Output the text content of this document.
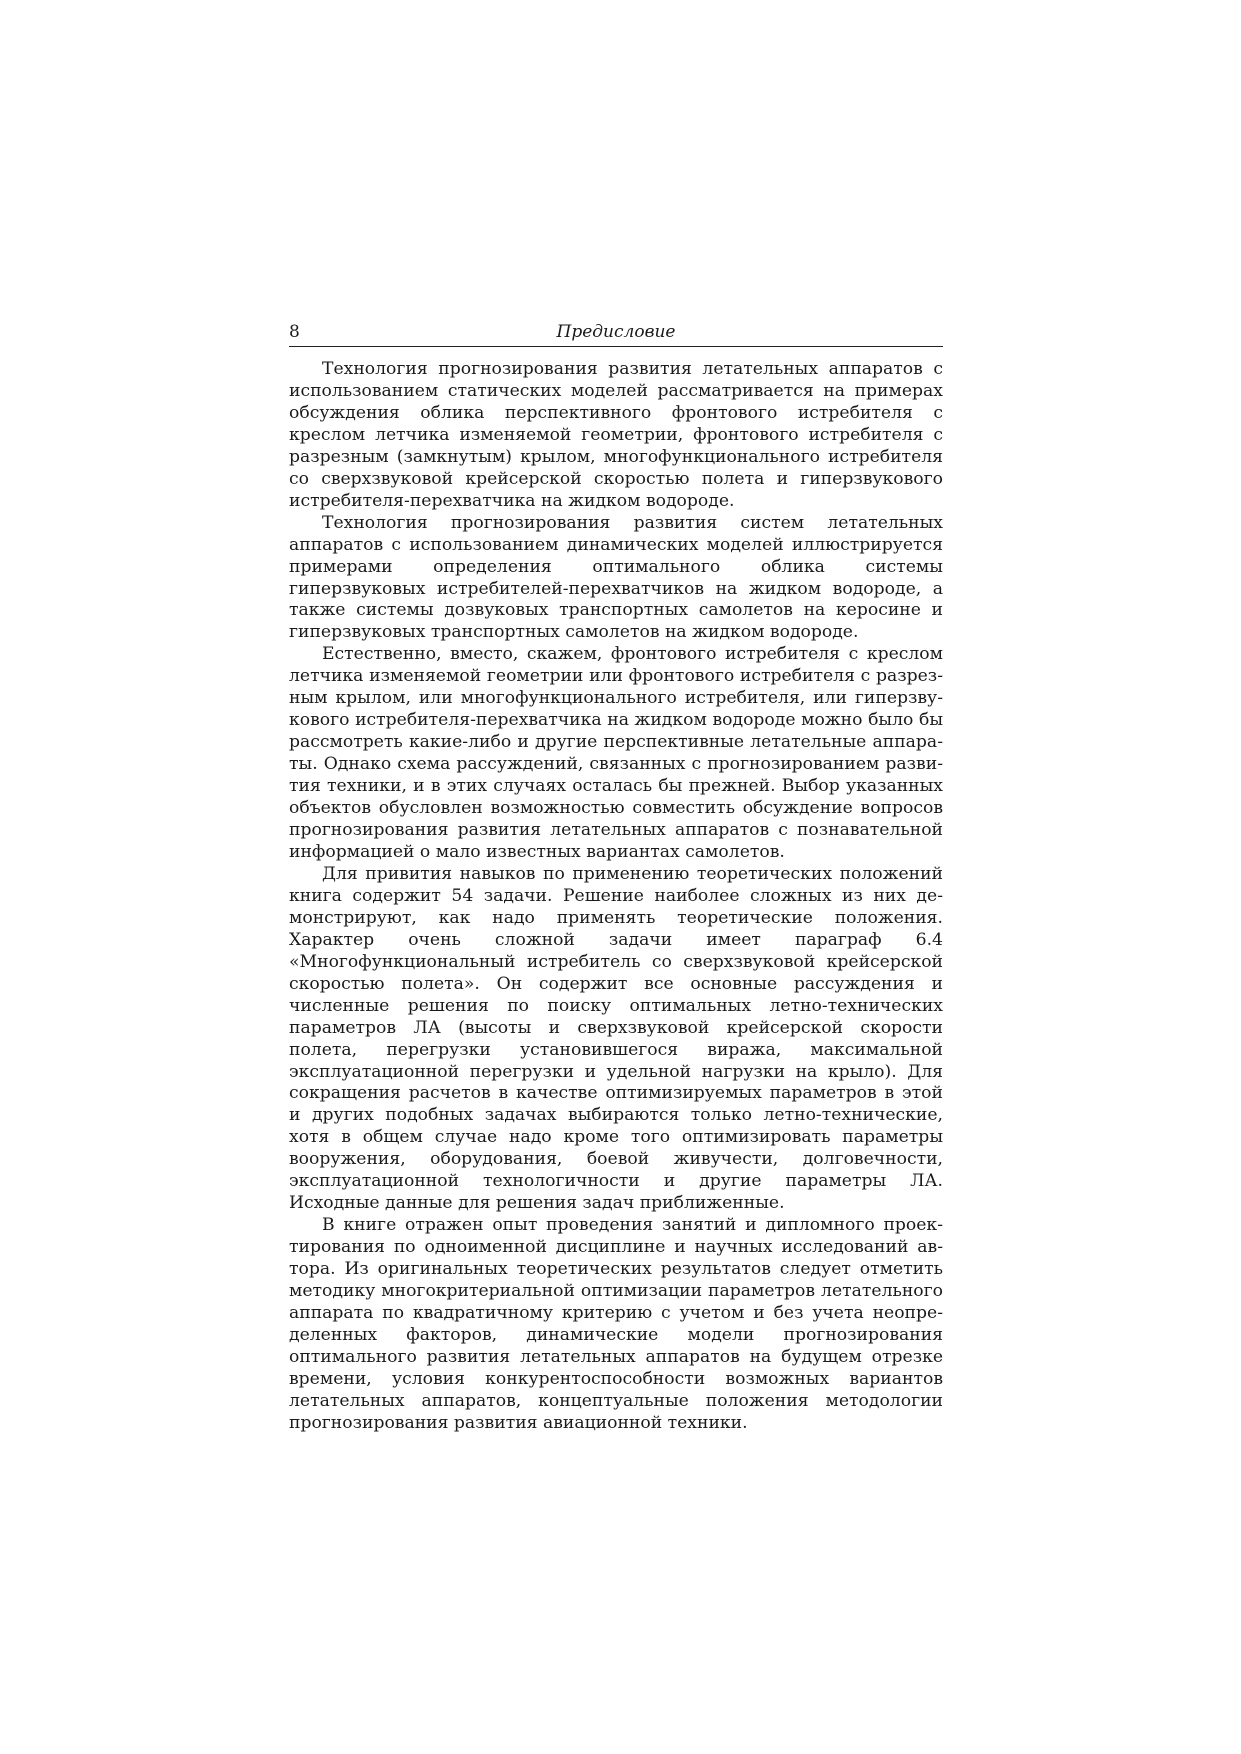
8	Предисловие

Технология прогнозирования развития летательных аппаратов с использованием статических моделей рассматривается на примерах обсуждения облика перспективного фронтового истребителя с креслом летчика изменяемой геометрии, фронтового истребителя с разрезным (замкнутым) крылом, многофункционального истребителя со сверхзвуковой крейсерской скоростью полета и гиперзвукового истребителя-перехватчика на жидком водороде.

Технология прогнозирования развития систем летательных аппаратов с использованием динамических моделей иллюстрируется примерами определения оптимального облика системы гиперзвуковых истребителей-перехватчиков на жидком водороде, а также системы дозвуковых транспортных самолетов на керосине и гиперзвуковых транспортных самолетов на жидком водороде.

Естественно, вместо, скажем, фронтового истребителя с креслом летчика изменяемой геометрии или фронтового истребителя с разрезным крылом, или многофункционального истребителя, или гиперзвукового истребителя-перехватчика на жидком водороде можно было бы рассмотреть какие-либо и другие перспективные летательные аппараты. Однако схема рассуждений, связанных с прогнозированием развития техники, и в этих случаях осталась бы прежней. Выбор указанных объектов обусловлен возможностью совместить обсуждение вопросов прогнозирования развития летательных аппаратов с познавательной информацией о мало известных вариантах самолетов.

Для привития навыков по применению теоретических положений книга содержит 54 задачи. Решение наиболее сложных из них демонстрируют, как надо применять теоретические положения. Характер очень сложной задачи имеет параграф 6.4 «Многофункциональный истребитель со сверхзвуковой крейсерской скоростью полета». Он содержит все основные рассуждения и численные решения по поиску оптимальных летно-технических параметров ЛА (высоты и сверхзвуковой крейсерской скорости полета, перегрузки установившегося виража, максимальной эксплуатационной перегрузки и удельной нагрузки на крыло). Для сокращения расчетов в качестве оптимизируемых параметров в этой и других подобных задачах выбираются только летно-технические, хотя в общем случае надо кроме того оптимизировать параметры вооружения, оборудования, боевой живучести, долговечности, эксплуатационной технологичности и другие параметры ЛА. Исходные данные для решения задач приближенные.

В книге отражен опыт проведения занятий и дипломного проектирования по одноименной дисциплине и научных исследований автора. Из оригинальных теоретических результатов следует отметить методику многокритериальной оптимизации параметров летательного аппарата по квадратичному критерию с учетом и без учета неопределенных факторов, динамические модели прогнозирования оптимального развития летательных аппаратов на будущем отрезке времени, условия конкурентоспособности возможных вариантов летательных аппаратов, концептуальные положения методологии прогнозирования развития авиационной техники.
